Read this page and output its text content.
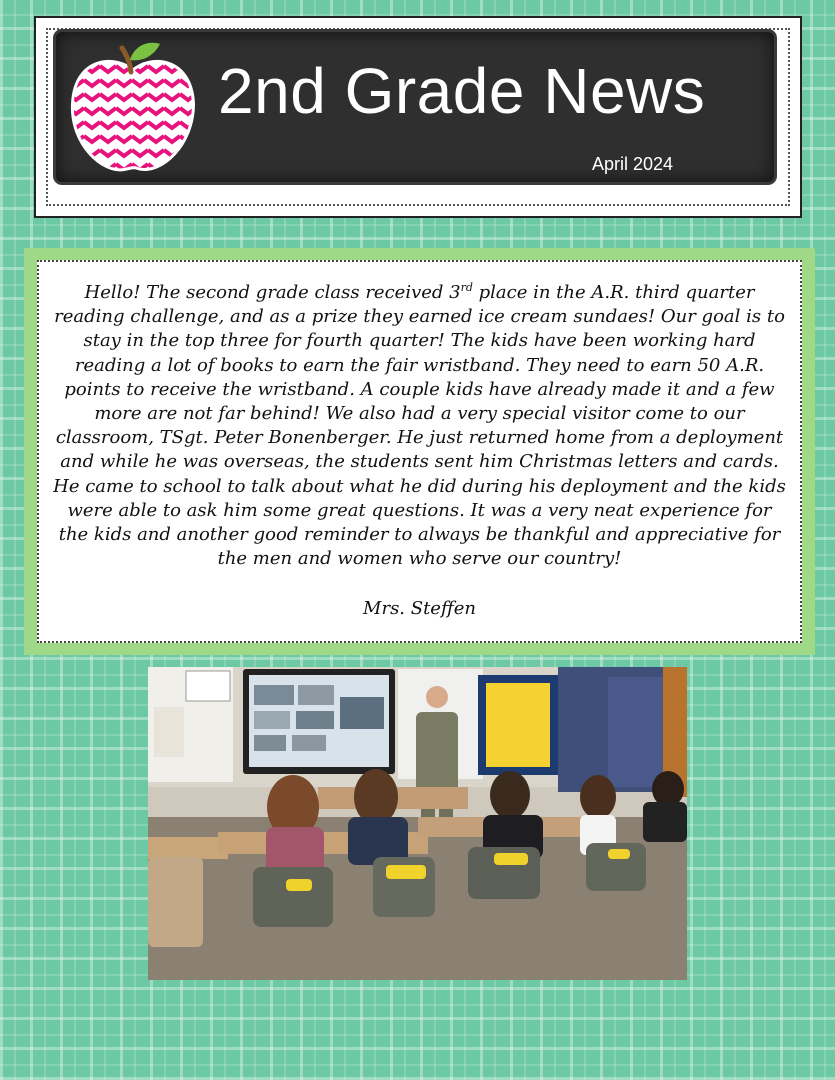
2nd Grade News
April 2024
Hello! The second grade class received 3rd place in the A.R. third quarter reading challenge, and as a prize they earned ice cream sundaes! Our goal is to stay in the top three for fourth quarter! The kids have been working hard reading a lot of books to earn the fair wristband. They need to earn 50 A.R. points to receive the wristband. A couple kids have already made it and a few more are not far behind! We also had a very special visitor come to our classroom, TSgt. Peter Bonenberger. He just returned home from a deployment and while he was overseas, the students sent him Christmas letters and cards. He came to school to talk about what he did during his deployment and the kids were able to ask him some great questions. It was a very neat experience for the kids and another good reminder to always be thankful and appreciative for the men and women who serve our country!
Mrs. Steffen
